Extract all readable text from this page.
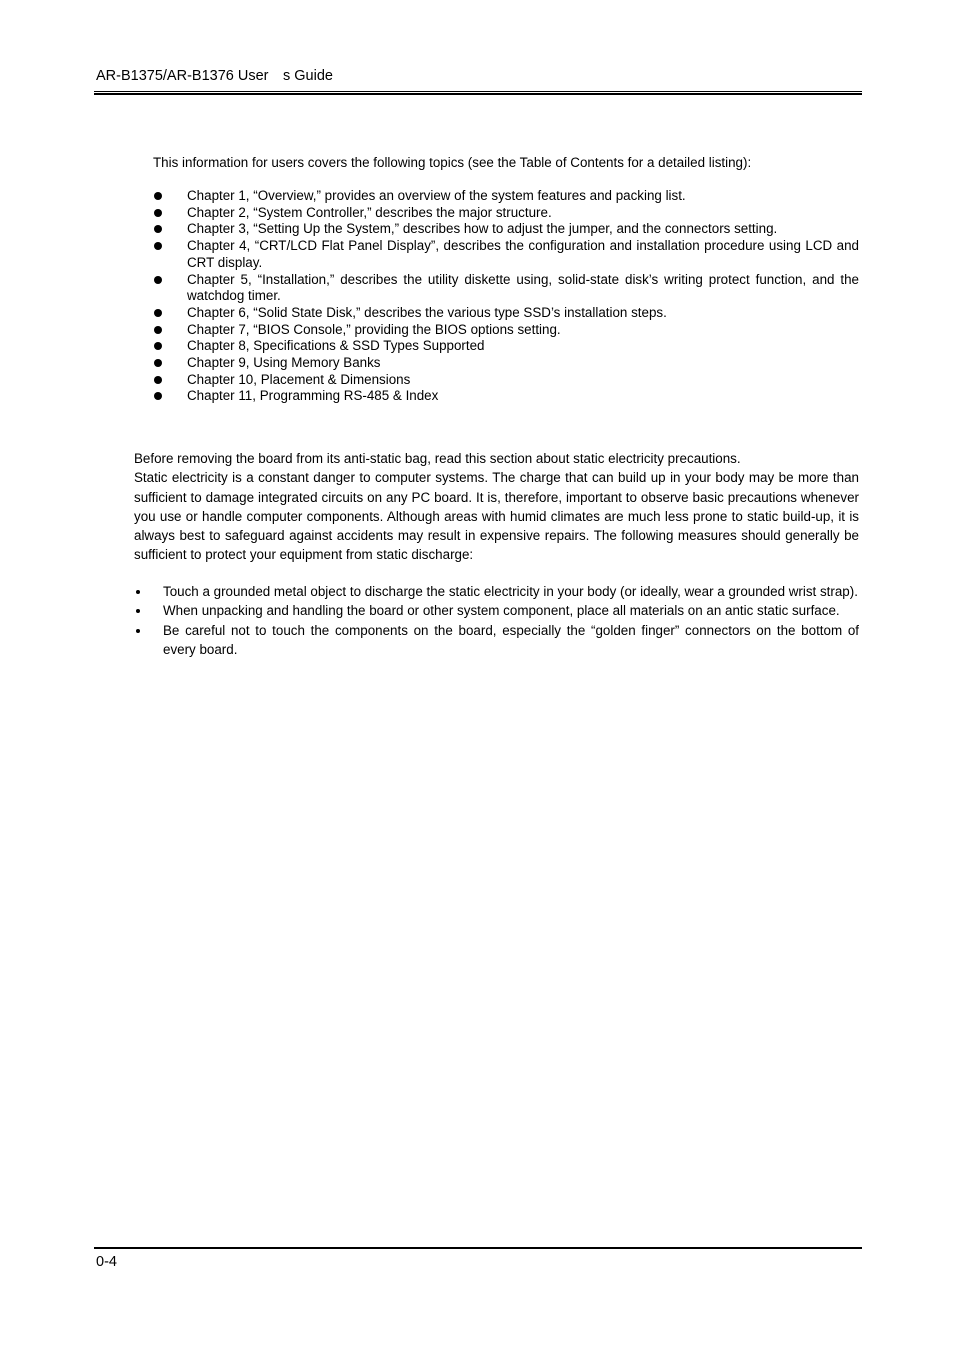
AR-B1375/AR-B1376 User s Guide
This information for users covers the following topics (see the Table of Contents for a detailed listing):
Chapter 1, “Overview,” provides an overview of the system features and packing list.
Chapter 2, “System Controller,” describes the major structure.
Chapter 3, “Setting Up the System,” describes how to adjust the jumper, and the connectors setting.
Chapter 4, “CRT/LCD Flat Panel Display”, describes the configuration and installation procedure using LCD and CRT display.
Chapter 5, “Installation,” describes the utility diskette using, solid-state disk’s writing protect function, and the watchdog timer.
Chapter 6, “Solid State Disk,” describes the various type SSD’s installation steps.
Chapter 7, “BIOS Console,” providing the BIOS options setting.
Chapter 8, Specifications & SSD Types Supported
Chapter 9, Using Memory Banks
Chapter 10, Placement & Dimensions
Chapter 11, Programming RS-485 & Index

Before removing the board from its anti-static bag, read this section about static electricity precautions.

Static electricity is a constant danger to computer systems. The charge that can build up in your body may be more than sufficient to damage integrated circuits on any PC board. It is, therefore, important to observe basic precautions whenever you use or handle computer components. Although areas with humid climates are much less prone to static build-up, it is always best to safeguard against accidents may result in expensive repairs. The following measures should generally be sufficient to protect your equipment from static discharge:

Touch a grounded metal object to discharge the static electricity in your body (or ideally, wear a grounded wrist strap).
When unpacking and handling the board or other system component, place all materials on an antic static surface.
Be careful not to touch the components on the board, especially the “golden finger” connectors on the bottom of every board.
0-4
